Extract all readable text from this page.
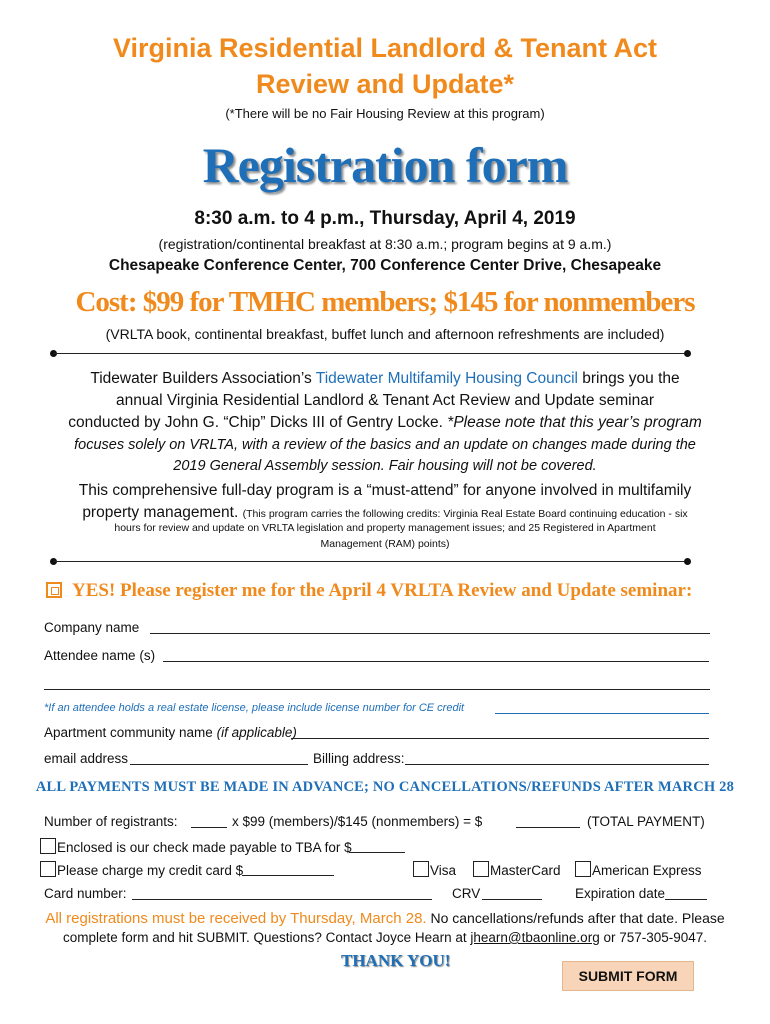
Virginia Residential Landlord & Tenant Act
Review and Update*
(*There will be no Fair Housing Review at this program)
Registration form
8:30 a.m. to 4 p.m., Thursday, April 4, 2019
(registration/continental breakfast at 8:30 a.m.; program begins at 9 a.m.)
Chesapeake Conference Center, 700 Conference Center Drive, Chesapeake
Cost: $99 for TMHC members; $145 for nonmembers
(VRLTA book, continental breakfast, buffet lunch and afternoon refreshments are included)
Tidewater Builders Association’s Tidewater Multifamily Housing Council brings you the
annual Virginia Residential Landlord & Tenant Act Review and Update seminar
conducted by John G. “Chip” Dicks III of Gentry Locke. *Please note that this year’s program
focuses solely on VRLTA, with a review of the basics and an update on changes made during the
2019 General Assembly session. Fair housing will not be covered.
This comprehensive full-day program is a “must-attend” for anyone involved in multifamily
property management. (This program carries the following credits: Virginia Real Estate Board continuing education - six
hours for review and update on VRLTA legislation and property management issues; and 25 Registered in Apartment
Management (RAM) points)
YES! Please register me for the April 4 VRLTA Review and Update seminar:
Company name
Attendee name (s)
*If an attendee holds a real estate license, please include license number for CE credit
Apartment community name (if applicable)
email address	Billing address:
ALL PAYMENTS MUST BE MADE IN ADVANCE; NO CANCELLATIONS/REFUNDS AFTER MARCH 28
Number of registrants:	x $99 (members)/$145 (nonmembers) = $	(TOTAL PAYMENT)
Enclosed is our check made payable to TBA for $
Please charge my credit card $	Visa	MasterCard	American Express
Card number:	CRV	Expiration date
All registrations must be received by Thursday, March 28. No cancellations/refunds after that date. Please
complete form and hit SUBMIT. Questions? Contact Joyce Hearn at jhearn@tbaonline.org or 757-305-9047.
THANK YOU!
SUBMIT FORM
